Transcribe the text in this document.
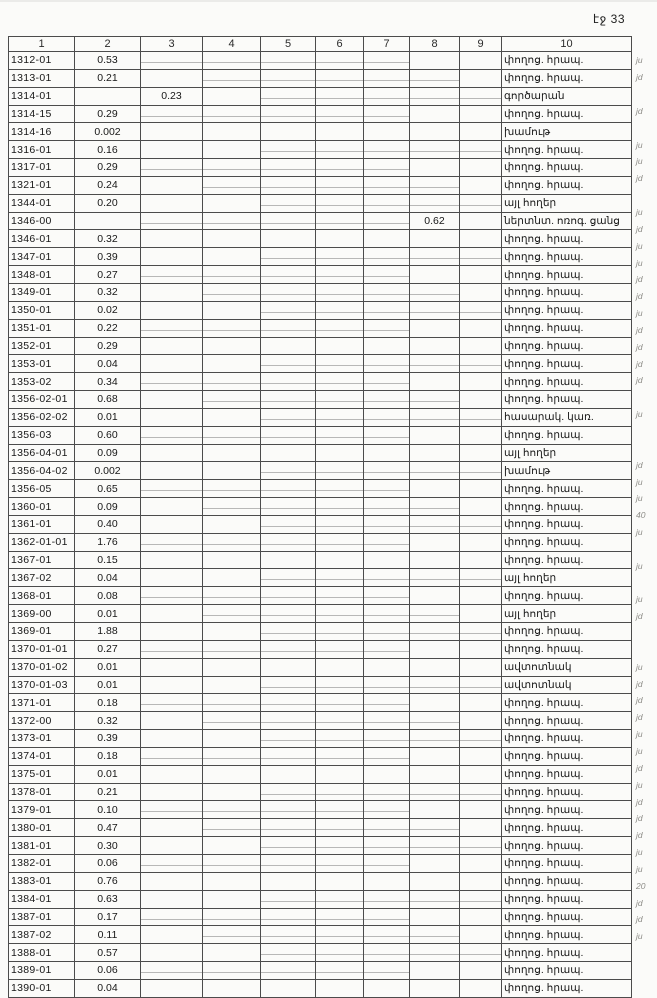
էջ 33
1	2	3	4	5	6	7	8	9	10
1312-01	0.53								փողոց. հրապ.
1313-01	0.21								փողոց. հրապ.
1314-01		0.23							գործարան
1314-15	0.29								փողոց. հրապ.
1314-16	0.002								խամութ
1316-01	0.16								փողոց. հրապ.
1317-01	0.29								փողոց. հրապ.
1321-01	0.24								փողոց. հրապ.
1344-01	0.20								այլ հողեր
1346-00							0.62		ներտնտ. ոռոգ. ցանց
1346-01	0.32								փողոց. հրապ.
1347-01	0.39								փողոց. հրապ.
1348-01	0.27								փողոց. հրապ.
1349-01	0.32								փողոց. հրապ.
1350-01	0.02								փողոց. հրապ.
1351-01	0.22								փողոց. հրապ.
1352-01	0.29								փողոց. հրապ.
1353-01	0.04								փողոց. հրապ.
1353-02	0.34								փողոց. հրապ.
1356-02-01	0.68								փողոց. հրապ.
1356-02-02	0.01								հասարակ. կառ.
1356-03	0.60								փողոց. հրապ.
1356-04-01	0.09								այլ հողեր
1356-04-02	0.002								խամութ
1356-05	0.65								փողոց. հրապ.
1360-01	0.09								փողոց. հրապ.
1361-01	0.40								փողոց. հրապ.
1362-01-01	1.76								փողոց. հրապ.
1367-01	0.15								փողոց. հրապ.
1367-02	0.04								այլ հողեր
1368-01	0.08								փողոց. հրապ.
1369-00	0.01								այլ հողեր
1369-01	1.88								փողոց. հրապ.
1370-01-01	0.27								փողոց. հրապ.
1370-01-02	0.01								ավտոտնակ
1370-01-03	0.01								ավտոտնակ
1371-01	0.18								փողոց. հրապ.
1372-00	0.32								փողոց. հրապ.
1373-01	0.39								փողոց. հրապ.
1374-01	0.18								փողոց. հրապ.
1375-01	0.01								փողոց. հրապ.
1378-01	0.21								փողոց. հրապ.
1379-01	0.10								փողոց. հրապ.
1380-01	0.47								փողոց. հրապ.
1381-01	0.30								փողոց. հրապ.
1382-01	0.06								փողոց. հրապ.
1383-01	0.76								փողոց. հրապ.
1384-01	0.63								փողոց. հրապ.
1387-01	0.17								փողոց. հրապ.
1387-02	0.11								փողոց. հրապ.
1388-01	0.57								փողոց. հրապ.
1389-01	0.06								փողոց. հրապ.
1390-01	0.04								փողոց. հրապ.
ju
jd
jd
ju
ju
jd
ju
jd
ju
ju
jd
jd
ju
jd
jd
jd
jd
ju
jd
ju
ju
40
ju
ju
ju
jd
ju
jd
jd
jd
ju
ju
jd
ju
jd
jd
jd
ju
ju
20
jd
jd
ju
